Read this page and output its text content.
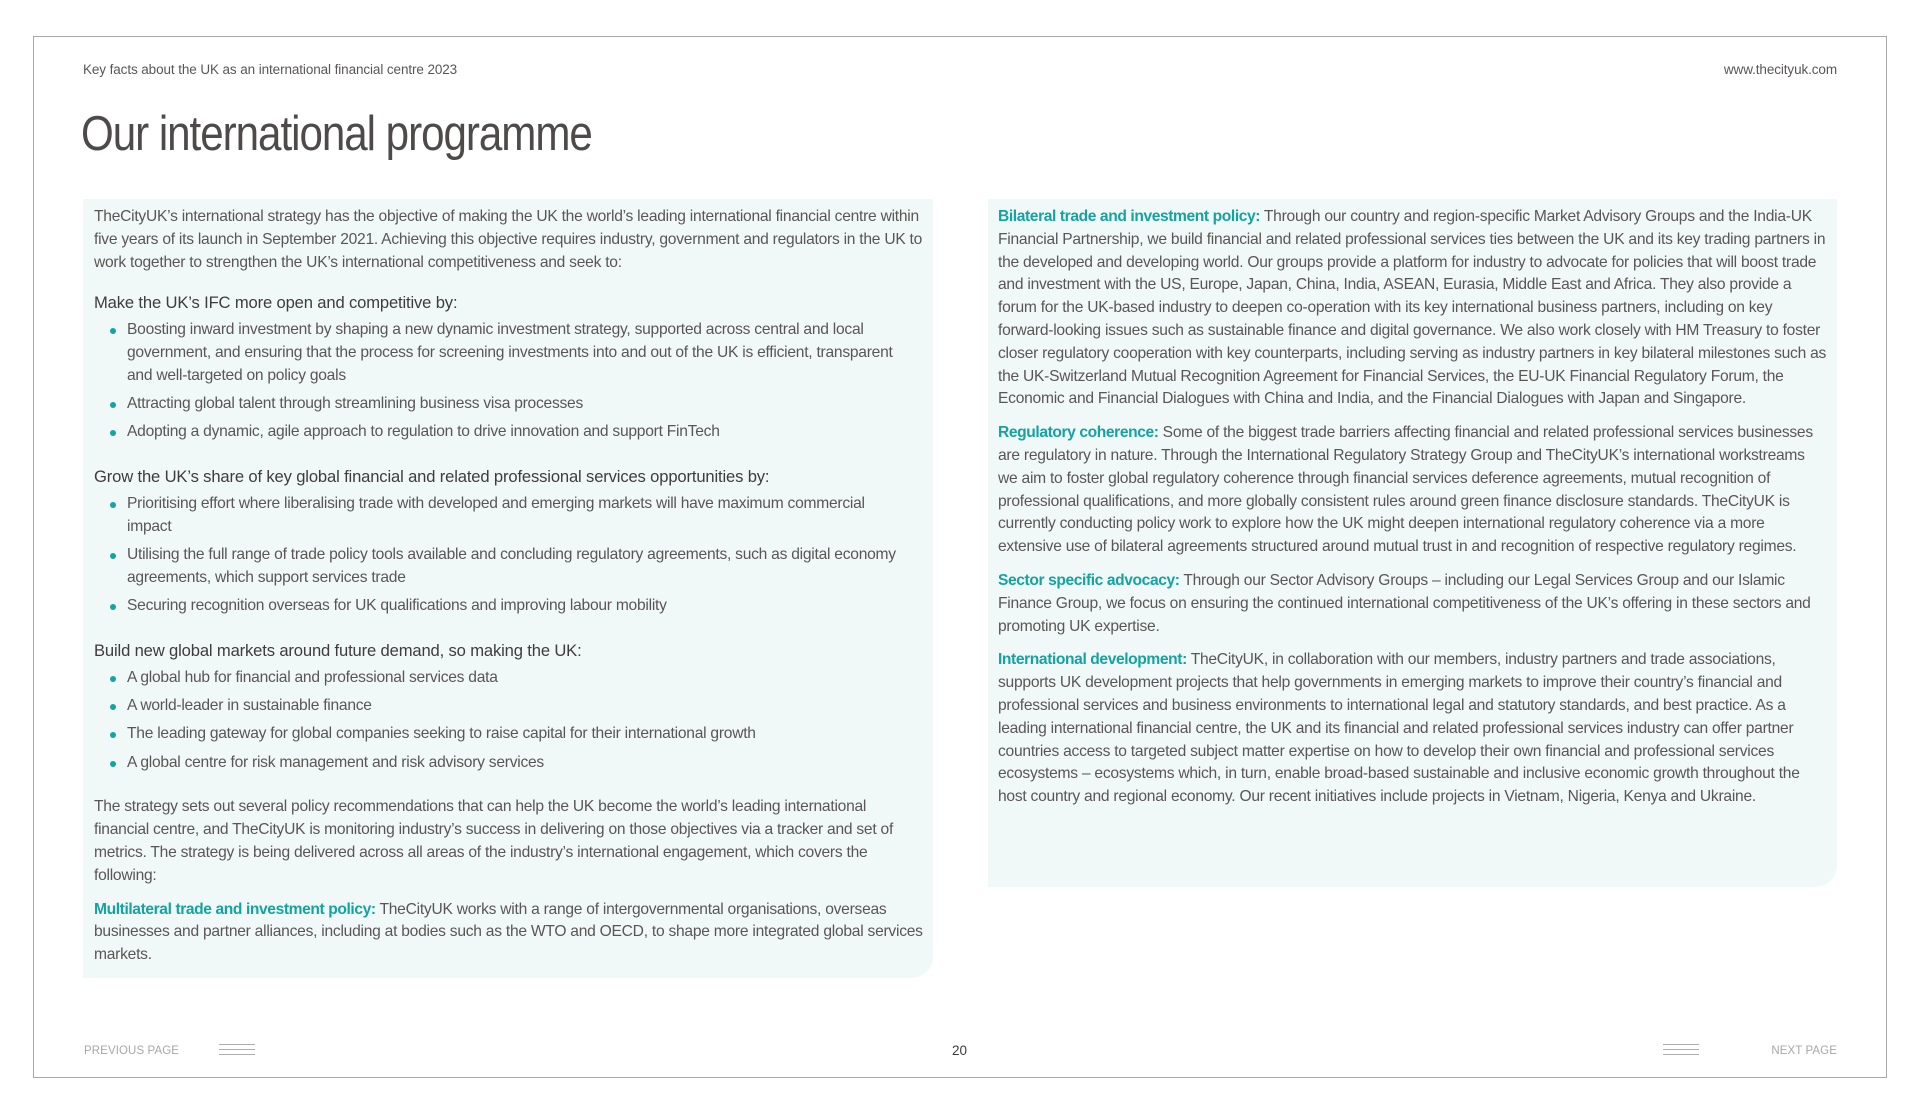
Key facts about the UK as an international financial centre 2023	www.thecityuk.com
Our international programme

TheCityUK’s international strategy has the objective of making the UK the world’s leading international financial centre within five years of its launch in September 2021. Achieving this objective requires industry, government and regulators in the UK to work together to strengthen the UK’s international competitiveness and seek to:

Make the UK’s IFC more open and competitive by:
Boosting inward investment by shaping a new dynamic investment strategy, supported across central and local government, and ensuring that the process for screening investments into and out of the UK is efficient, transparent and well-targeted on policy goals
Attracting global talent through streamlining business visa processes
Adopting a dynamic, agile approach to regulation to drive innovation and support FinTech
Grow the UK’s share of key global financial and related professional services opportunities by:
Prioritising effort where liberalising trade with developed and emerging markets will have maximum commercial impact
Utilising the full range of trade policy tools available and concluding regulatory agreements, such as digital economy agreements, which support services trade
Securing recognition overseas for UK qualifications and improving labour mobility
Build new global markets around future demand, so making the UK:
A global hub for financial and professional services data
A world-leader in sustainable finance
The leading gateway for global companies seeking to raise capital for their international growth
A global centre for risk management and risk advisory services

The strategy sets out several policy recommendations that can help the UK become the world’s leading international financial centre, and TheCityUK is monitoring industry’s success in delivering on those objectives via a tracker and set of metrics. The strategy is being delivered across all areas of the industry’s international engagement, which covers the following:

Multilateral trade and investment policy: TheCityUK works with a range of intergovernmental organisations, overseas businesses and partner alliances, including at bodies such as the WTO and OECD, to shape more integrated global services markets.

Bilateral trade and investment policy: Through our country and region-specific Market Advisory Groups and the India-UK Financial Partnership, we build financial and related professional services ties between the UK and its key trading partners in the developed and developing world. Our groups provide a platform for industry to advocate for policies that will boost trade and investment with the US, Europe, Japan, China, India, ASEAN, Eurasia, Middle East and Africa. They also provide a forum for the UK-based industry to deepen co-operation with its key international business partners, including on key forward-looking issues such as sustainable finance and digital governance. We also work closely with HM Treasury to foster closer regulatory cooperation with key counterparts, including serving as industry partners in key bilateral milestones such as the UK-Switzerland Mutual Recognition Agreement for Financial Services, the EU-UK Financial Regulatory Forum, the Economic and Financial Dialogues with China and India, and the Financial Dialogues with Japan and Singapore.

Regulatory coherence: Some of the biggest trade barriers affecting financial and related professional services businesses are regulatory in nature. Through the International Regulatory Strategy Group and TheCityUK’s international workstreams we aim to foster global regulatory coherence through financial services deference agreements, mutual recognition of professional qualifications, and more globally consistent rules around green finance disclosure standards. TheCityUK is currently conducting policy work to explore how the UK might deepen international regulatory coherence via a more extensive use of bilateral agreements structured around mutual trust in and recognition of respective regulatory regimes.

Sector specific advocacy: Through our Sector Advisory Groups – including our Legal Services Group and our Islamic Finance Group, we focus on ensuring the continued international competitiveness of the UK’s offering in these sectors and promoting UK expertise.

International development: TheCityUK, in collaboration with our members, industry partners and trade associations, supports UK development projects that help governments in emerging markets to improve their country’s financial and professional services and business environments to international legal and statutory standards, and best practice. As a leading international financial centre, the UK and its financial and related professional services industry can offer partner countries access to targeted subject matter expertise on how to develop their own financial and professional services ecosystems – ecosystems which, in turn, enable broad-based sustainable and inclusive economic growth throughout the host country and regional economy. Our recent initiatives include projects in Vietnam, Nigeria, Kenya and Ukraine.

PREVIOUS PAGE	20	NEXT PAGE
